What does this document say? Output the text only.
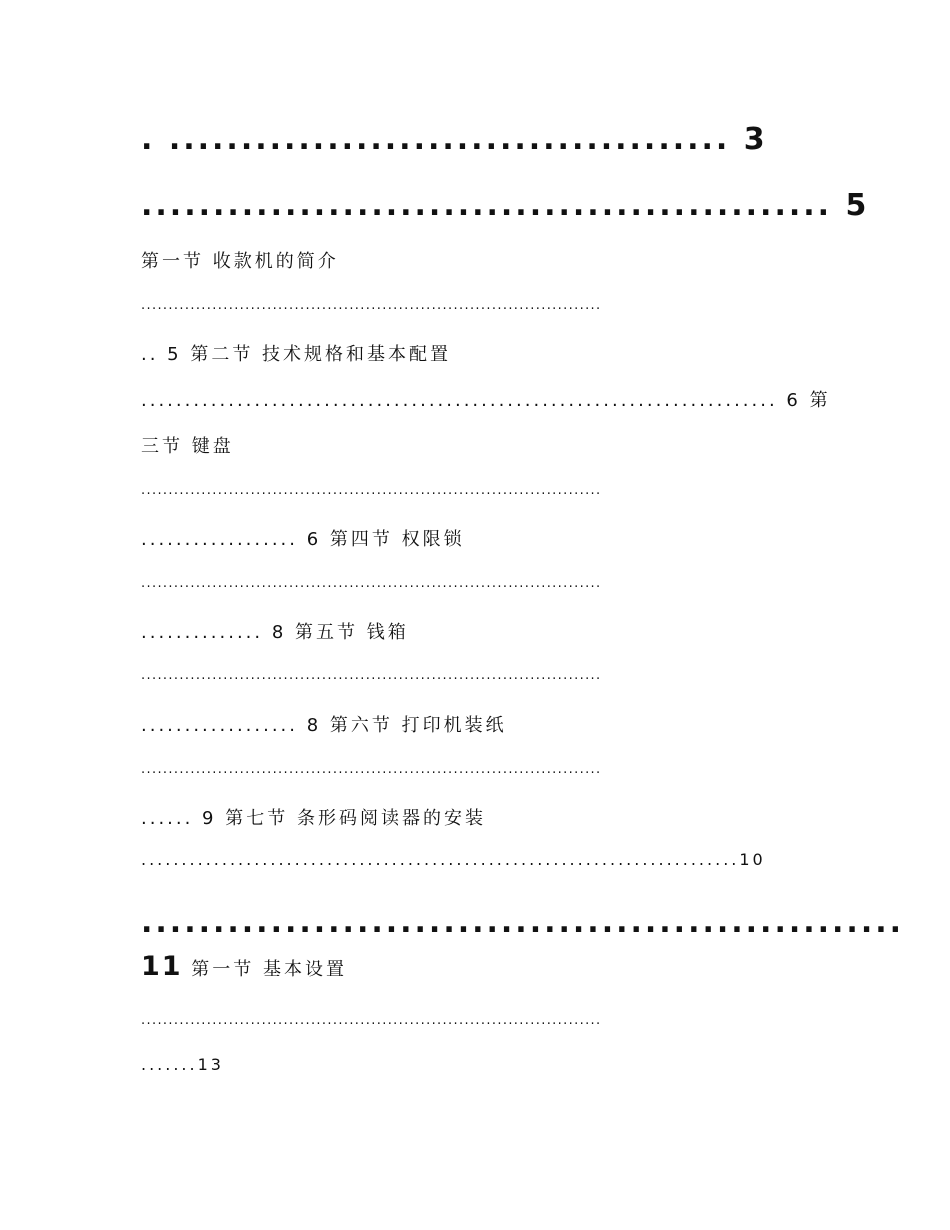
. ....................................... 3
................................................ 5
第一节 收款机的简介
....................................................................................
.. 5 第二节 技术规格和基本配置
......................................................................... 6 第
三节 键盘
....................................................................................
.................. 6 第四节 权限锁
....................................................................................
.............. 8 第五节 钱箱
....................................................................................
.................. 8 第六节 打印机装纸
....................................................................................
...... 9 第七节 条形码阅读器的安装
..........................................................................10
.....................................................
11 第一节 基本设置
....................................................................................
.......13
